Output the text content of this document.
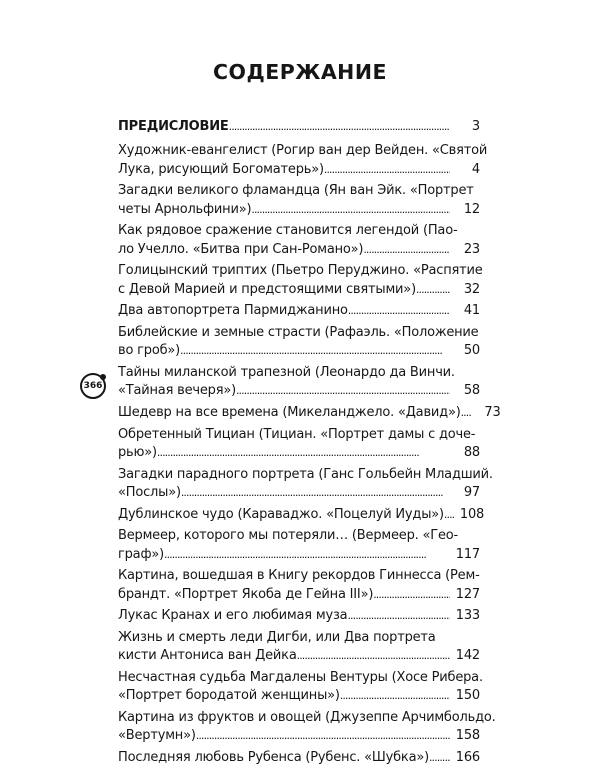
СОДЕРЖАНИЕ
ПРЕДИСЛОВИЕ . . .	3
Художник-евангелист (Рогир ван дер Вейден. «Святой
Лука, рисующий Богоматерь») . . .	4
Загадки великого фламандца (Ян ван Эйк. «Портрет
четы Арнольфини») . . .	12
Как рядовое сражение становится легендой (Пао-
ло Учелло. «Битва при Сан-Романо») . . .	23
Голицынский триптих (Пьетро Перуджино. «Распятие
с Девой Марией и предстоящими святыми») . . .	32
Два автопортрета Пармиджанино . . .	41
Библейские и земные страсти (Рафаэль. «Положение
во гроб») . . .	50
Тайны миланской трапезной (Леонардо да Винчи.
«Тайная вечеря») . . .	58
Шедевр на все времена (Микеланджело. «Давид») . . .	73
Обретенный Тициан (Тициан. «Портрет дамы с доче-
рью») . . .	88
Загадки парадного портрета (Ганс Гольбейн Младший.
«Послы») . . .	97
Дублинское чудо (Караваджо. «Поцелуй Иуды») . . .	108
Вермеер, которого мы потеряли… (Вермеер. «Гео-
граф») . . .	117
Картина, вошедшая в Книгу рекордов Гиннесса (Рем-
брандт. «Портрет Якоба де Гейна III») . . .	127
Лукас Кранах и его любимая муза . . .	133
Жизнь и смерть леди Дигби, или Два портрета
кисти Антониса ван Дейка . . .	142
Несчастная судьба Магдалены Вентуры (Хосе Рибера.
«Портрет бородатой женщины») . . .	150
Картина из фруктов и овощей (Джузеппе Арчимбольдо.
«Вертумн») . . .	158
Последняя любовь Рубенса (Рубенс. «Шубка») . . .	166
366
